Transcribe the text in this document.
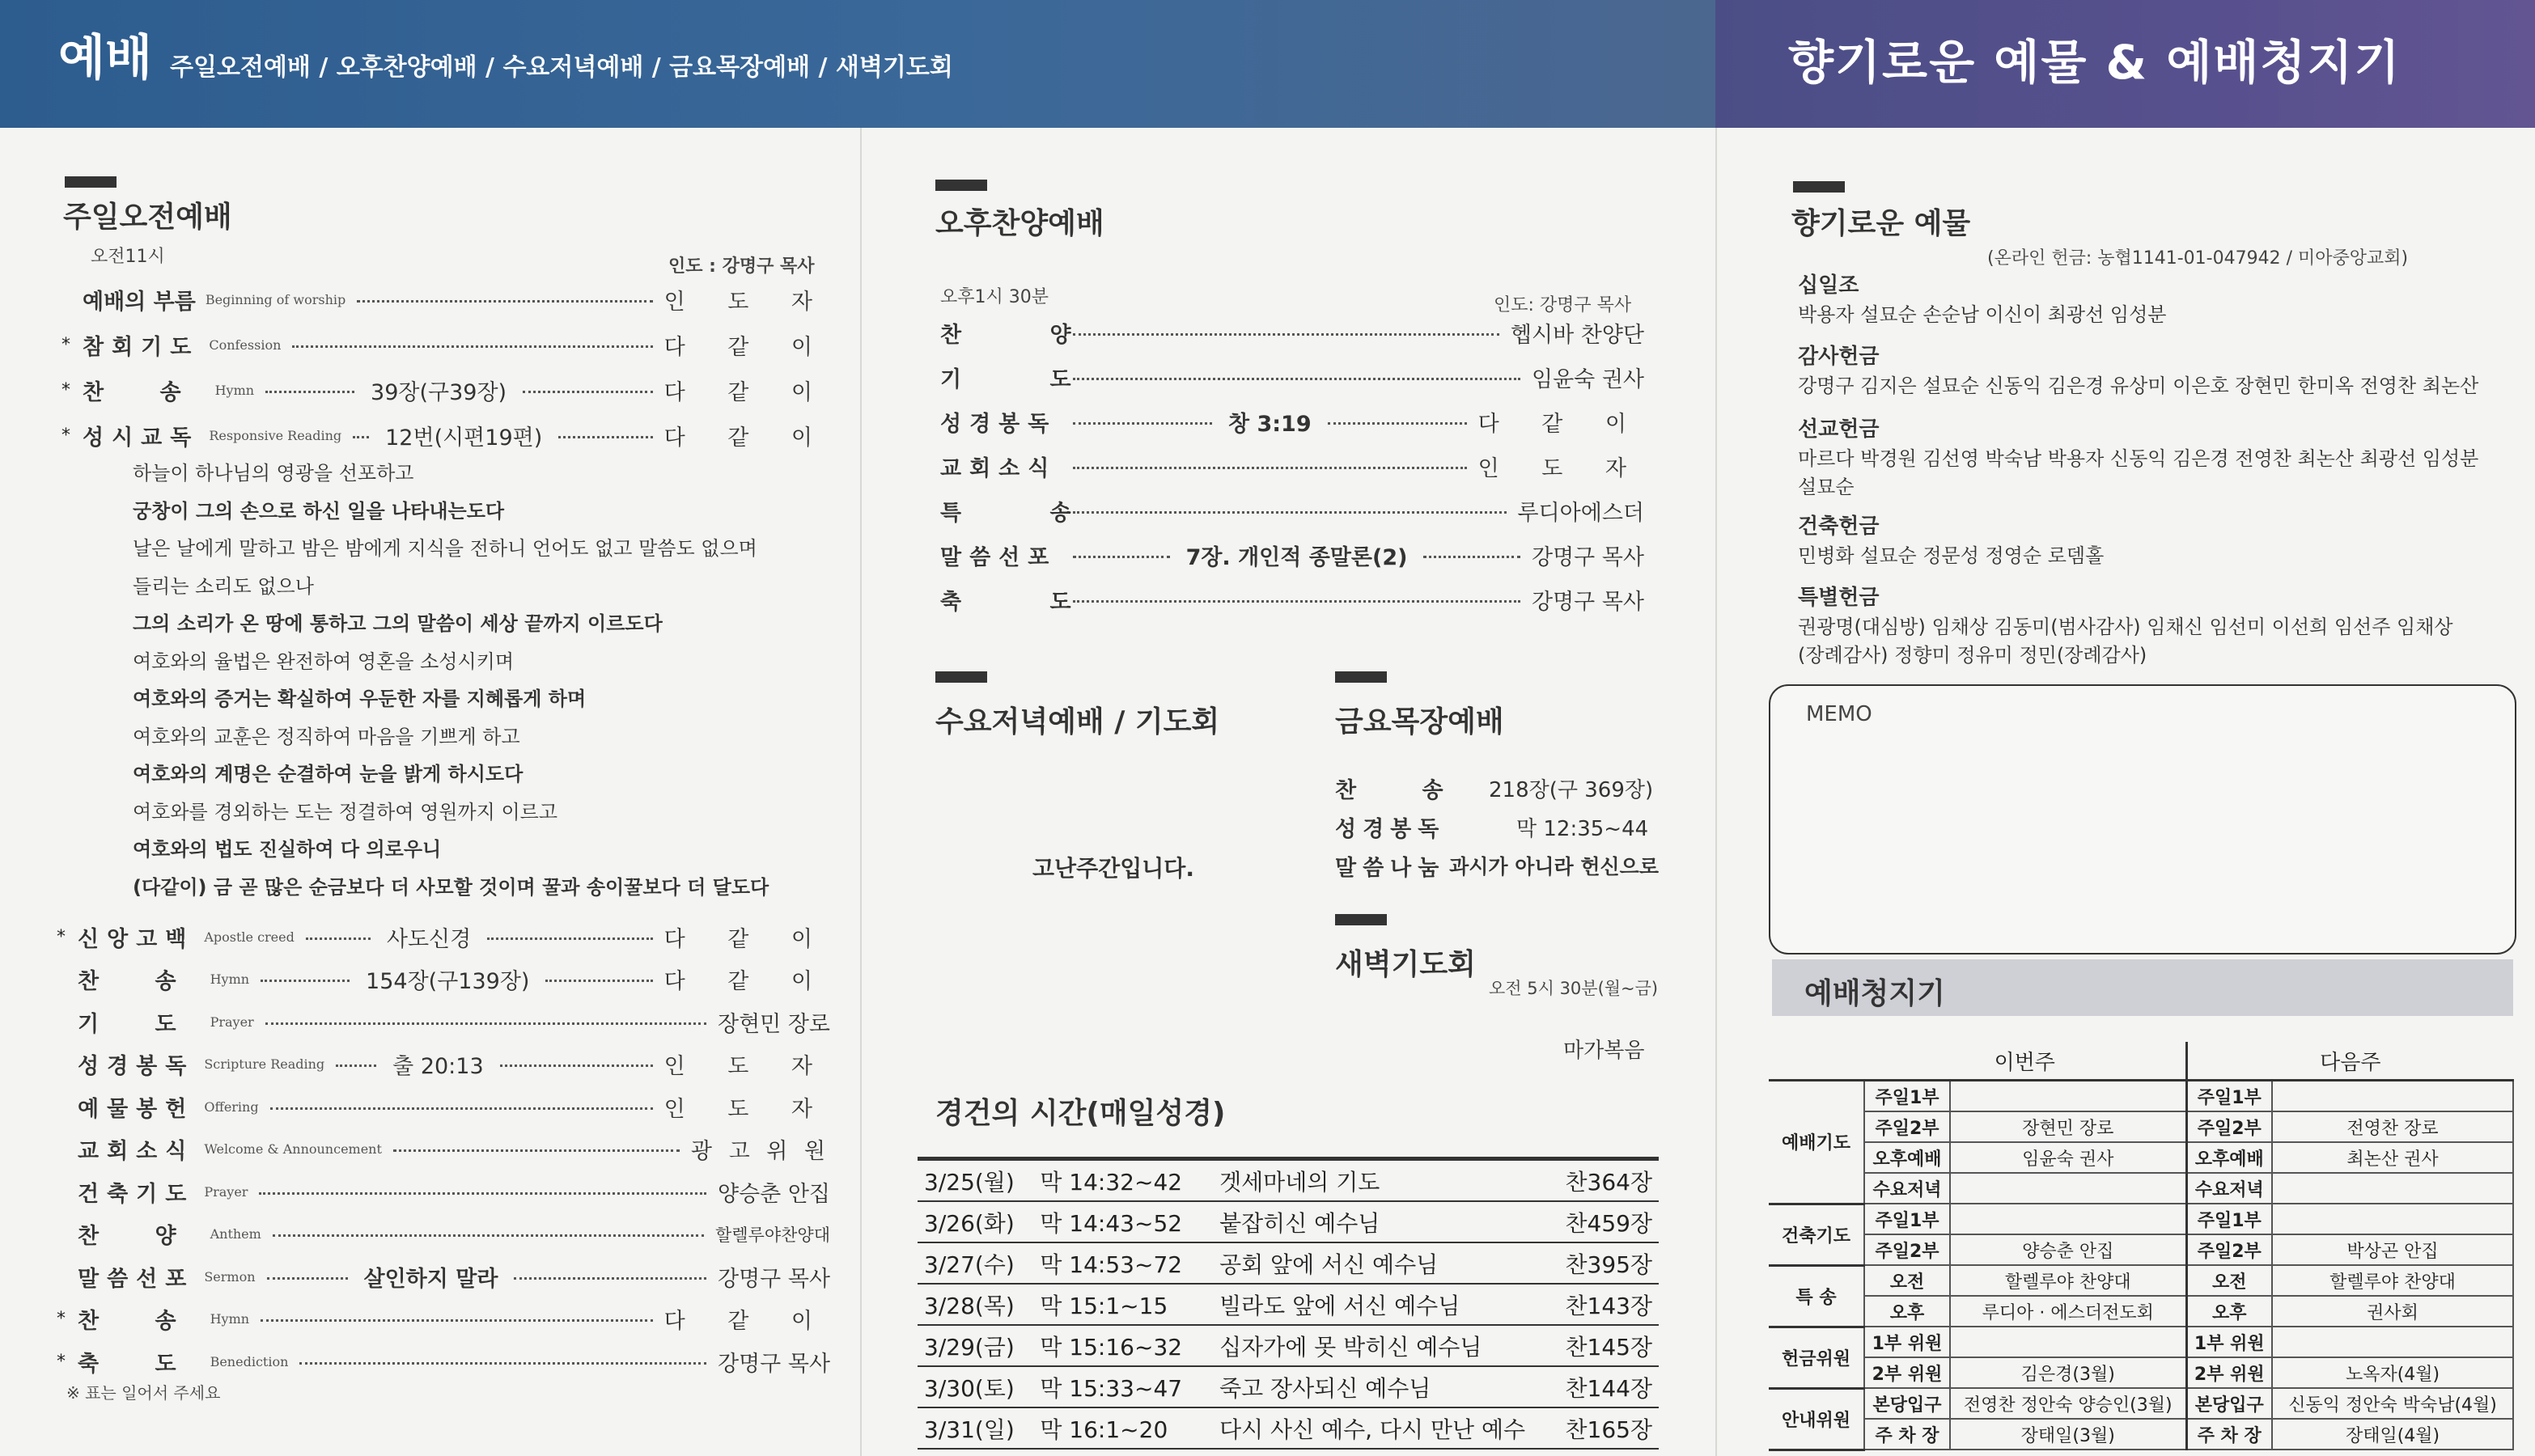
예배 주일오전예배 / 오후찬양예배 / 수요저녁예배 / 금요목장예배 / 새벽기도회	향기로운 예물 & 예배청지기
주일오전예배
오전11시	인도 : 강명구 목사
예배의 부름 Beginning of worship	인 도 자
* 참회기도 Confession	다 같 이
* 찬 송 Hymn	39장(구39장)	다 같 이
* 성시교독 Responsive Reading 12번(시편19편)	다 같 이
하늘이 하나님의 영광을 선포하고
궁창이 그의 손으로 하신 일을 나타내는도다
날은 날에게 말하고 밤은 밤에게 지식을 전하니 언어도 없고 말씀도 없으며
들리는 소리도 없으나
그의 소리가 온 땅에 통하고 그의 말씀이 세상 끝까지 이르도다
여호와의 율법은 완전하여 영혼을 소성시키며
여호와의 증거는 확실하여 우둔한 자를 지혜롭게 하며
여호와의 교훈은 정직하여 마음을 기쁘게 하고
여호와의 계명은 순결하여 눈을 밝게 하시도다
여호와를 경외하는 도는 정결하여 영원까지 이르고
여호와의 법도 진실하여 다 의로우니
(다같이) 금 곧 많은 순금보다 더 사모할 것이며 꿀과 송이꿀보다 더 달도다
* 신앙고백 Apostle creed	사도신경	다 같 이
찬 송 Hymn	154장(구139장)	다 같 이
기 도 Prayer	장현민 장로
성경봉독 Scripture Reading	출 20:13	인 도 자
예물봉헌 Offering	인 도 자
교회소식 Welcome & Announcement	광 고 위 원
건축기도 Prayer	양승춘 안집
찬 양 Anthem	할렐루야찬양대
말씀선포 Sermon	살인하지 말라	강명구 목사
* 찬 송 Hymn	다 같 이
* 축 도 Benediction	강명구 목사
※ 표는 일어서 주세요
오후찬양예배
오후1시 30분	인도: 강명구 목사
찬 양	헵시바 찬양단
기 도	임윤숙 권사
성경봉독	창 3:19	다 같 이
교회소식	인 도 자
특 송	루디아에스더
말씀선포	7장. 개인적 종말론(2)	강명구 목사
축 도	강명구 목사
수요저녁예배 / 기도회
고난주간입니다.
금요목장예배
찬 송 218장(구 369장)
성경봉독	막 12:35~44
말씀나눔 과시가 아니라 헌신으로
새벽기도회
오전 5시 30분(월~금)
마가복음
경건의 시간(매일성경)
3/25(월)	막 14:32~42	겟세마네의 기도	찬364장
3/26(화)	막 14:43~52	붙잡히신 예수님	찬459장
3/27(수)	막 14:53~72	공회 앞에 서신 예수님	찬395장
3/28(목)	막 15:1~15	빌라도 앞에 서신 예수님	찬143장
3/29(금)	막 15:16~32	십자가에 못 박히신 예수님	찬145장
3/30(토)	막 15:33~47	죽고 장사되신 예수님	찬144장
3/31(일)	막 16:1~20	다시 사신 예수, 다시 만난 예수	찬165장
향기로운 예물
(온라인 헌금: 농협1141-01-047942 / 미아중앙교회)
십일조
박용자 설묘순 손순남 이신이 최광선 임성분
감사헌금
강명구 김지은 설묘순 신동익 김은경 유상미 이은호 장현민 한미옥 전영찬 최논산
선교헌금
마르다 박경원 김선영 박숙남 박용자 신동익 김은경 전영찬 최논산 최광선 임성분
설묘순
건축헌금
민병화 설묘순 정문성 정영순 로뎀홀
특별헌금
권광명(대심방) 임채상 김동미(범사감사) 임채신 임선미 이선희 임선주 임채상
(장례감사) 정향미 정유미 정민(장례감사)
MEMO
예배청지기
	이번주		다음주	
예배기도	주일1부		주일1부	
	주일2부	장현민 장로	주일2부	전영찬 장로
	오후예배	임윤숙 권사	오후예배	최논산 권사
	수요저녁		수요저녁	
건축기도	주일1부		주일1부	
	주일2부	양승춘 안집	주일2부	박상곤 안집
특 송	오전	할렐루야 찬양대	오전	할렐루야 찬양대
	오후	루디아 · 에스더전도회	오후	권사회
헌금위원	1부 위원		1부 위원	
	2부 위원	김은경(3월)	2부 위원	노옥자(4월)
안내위원	본당입구	전영찬 정안숙 양승인(3월)	본당입구	신동익 정안숙 박숙남(4월)
	주 차 장	장태일(3월)	주 차 장	장태일(4월)
